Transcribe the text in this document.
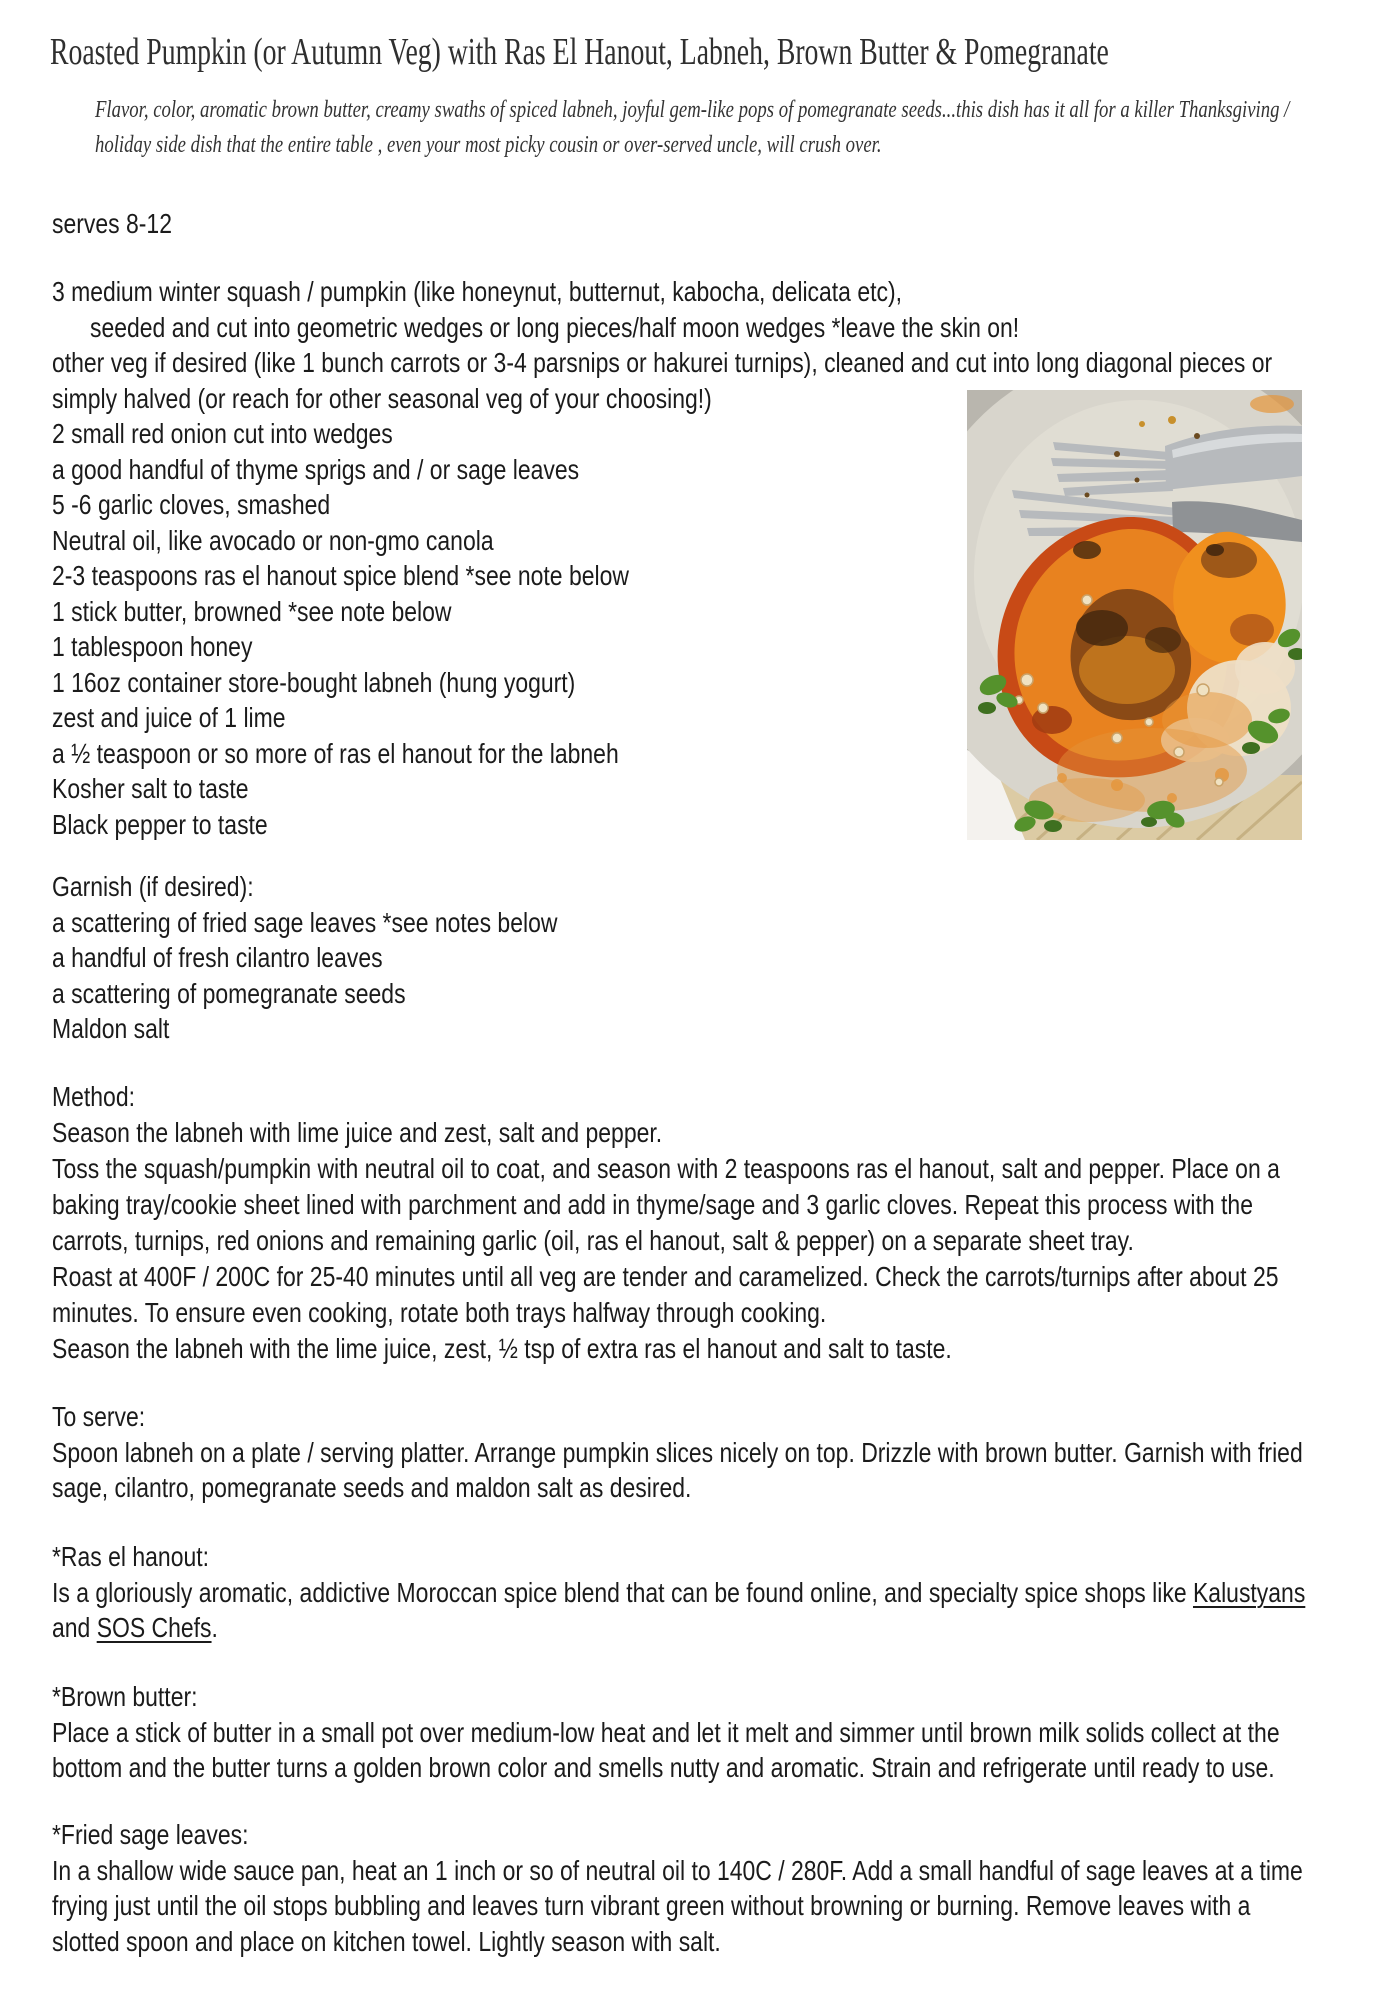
Roasted Pumpkin (or Autumn Veg) with Ras El Hanout, Labneh, Brown Butter & Pomegranate
Flavor, color, aromatic brown butter, creamy swaths of spiced labneh, joyful gem-like pops of pomegranate seeds...this dish has it all for a killer Thanksgiving /
holiday side dish that the entire table , even your most picky cousin or over-served uncle, will crush over.
serves 8-12
3 medium winter squash / pumpkin (like honeynut, butternut, kabocha, delicata etc),
seeded and cut into geometric wedges or long pieces/half moon wedges *leave the skin on!
other veg if desired (like 1 bunch carrots or 3-4 parsnips or hakurei turnips), cleaned and cut into long diagonal pieces or
simply halved (or reach for other seasonal veg of your choosing!)
2 small red onion cut into wedges
a good handful of thyme sprigs and / or sage leaves
5 -6 garlic cloves, smashed
Neutral oil, like avocado or non-gmo canola
2-3 teaspoons ras el hanout spice blend *see note below
1 stick butter, browned *see note below
1 tablespoon honey
1 16oz container store-bought labneh (hung yogurt)
zest and juice of 1 lime
a ½ teaspoon or so more of ras el hanout for the labneh
Kosher salt to taste
Black pepper to taste
Garnish (if desired):
a scattering of fried sage leaves *see notes below
a handful of fresh cilantro leaves
a scattering of pomegranate seeds
Maldon salt
Method:
Season the labneh with lime juice and zest, salt and pepper.
Toss the squash/pumpkin with neutral oil to coat, and season with 2 teaspoons ras el hanout, salt and pepper. Place on a
baking tray/cookie sheet lined with parchment and add in thyme/sage and 3 garlic cloves. Repeat this process with the
carrots, turnips, red onions and remaining garlic (oil, ras el hanout, salt & pepper) on a separate sheet tray.
Roast at 400F / 200C for 25-40 minutes until all veg are tender and caramelized. Check the carrots/turnips after about 25
minutes. To ensure even cooking, rotate both trays halfway through cooking.
Season the labneh with the lime juice, zest, ½ tsp of extra ras el hanout and salt to taste.
To serve:
Spoon labneh on a plate / serving platter. Arrange pumpkin slices nicely on top. Drizzle with brown butter. Garnish with fried
sage, cilantro, pomegranate seeds and maldon salt as desired.
*Ras el hanout:
Is a gloriously aromatic, addictive Moroccan spice blend that can be found online, and specialty spice shops like Kalustyans
and SOS Chefs.
*Brown butter:
Place a stick of butter in a small pot over medium-low heat and let it melt and simmer until brown milk solids collect at the
bottom and the butter turns a golden brown color and smells nutty and aromatic. Strain and refrigerate until ready to use.
*Fried sage leaves:
In a shallow wide sauce pan, heat an 1 inch or so of neutral oil to 140C / 280F. Add a small handful of sage leaves at a time
frying just until the oil stops bubbling and leaves turn vibrant green without browning or burning. Remove leaves with a
slotted spoon and place on kitchen towel. Lightly season with salt.
